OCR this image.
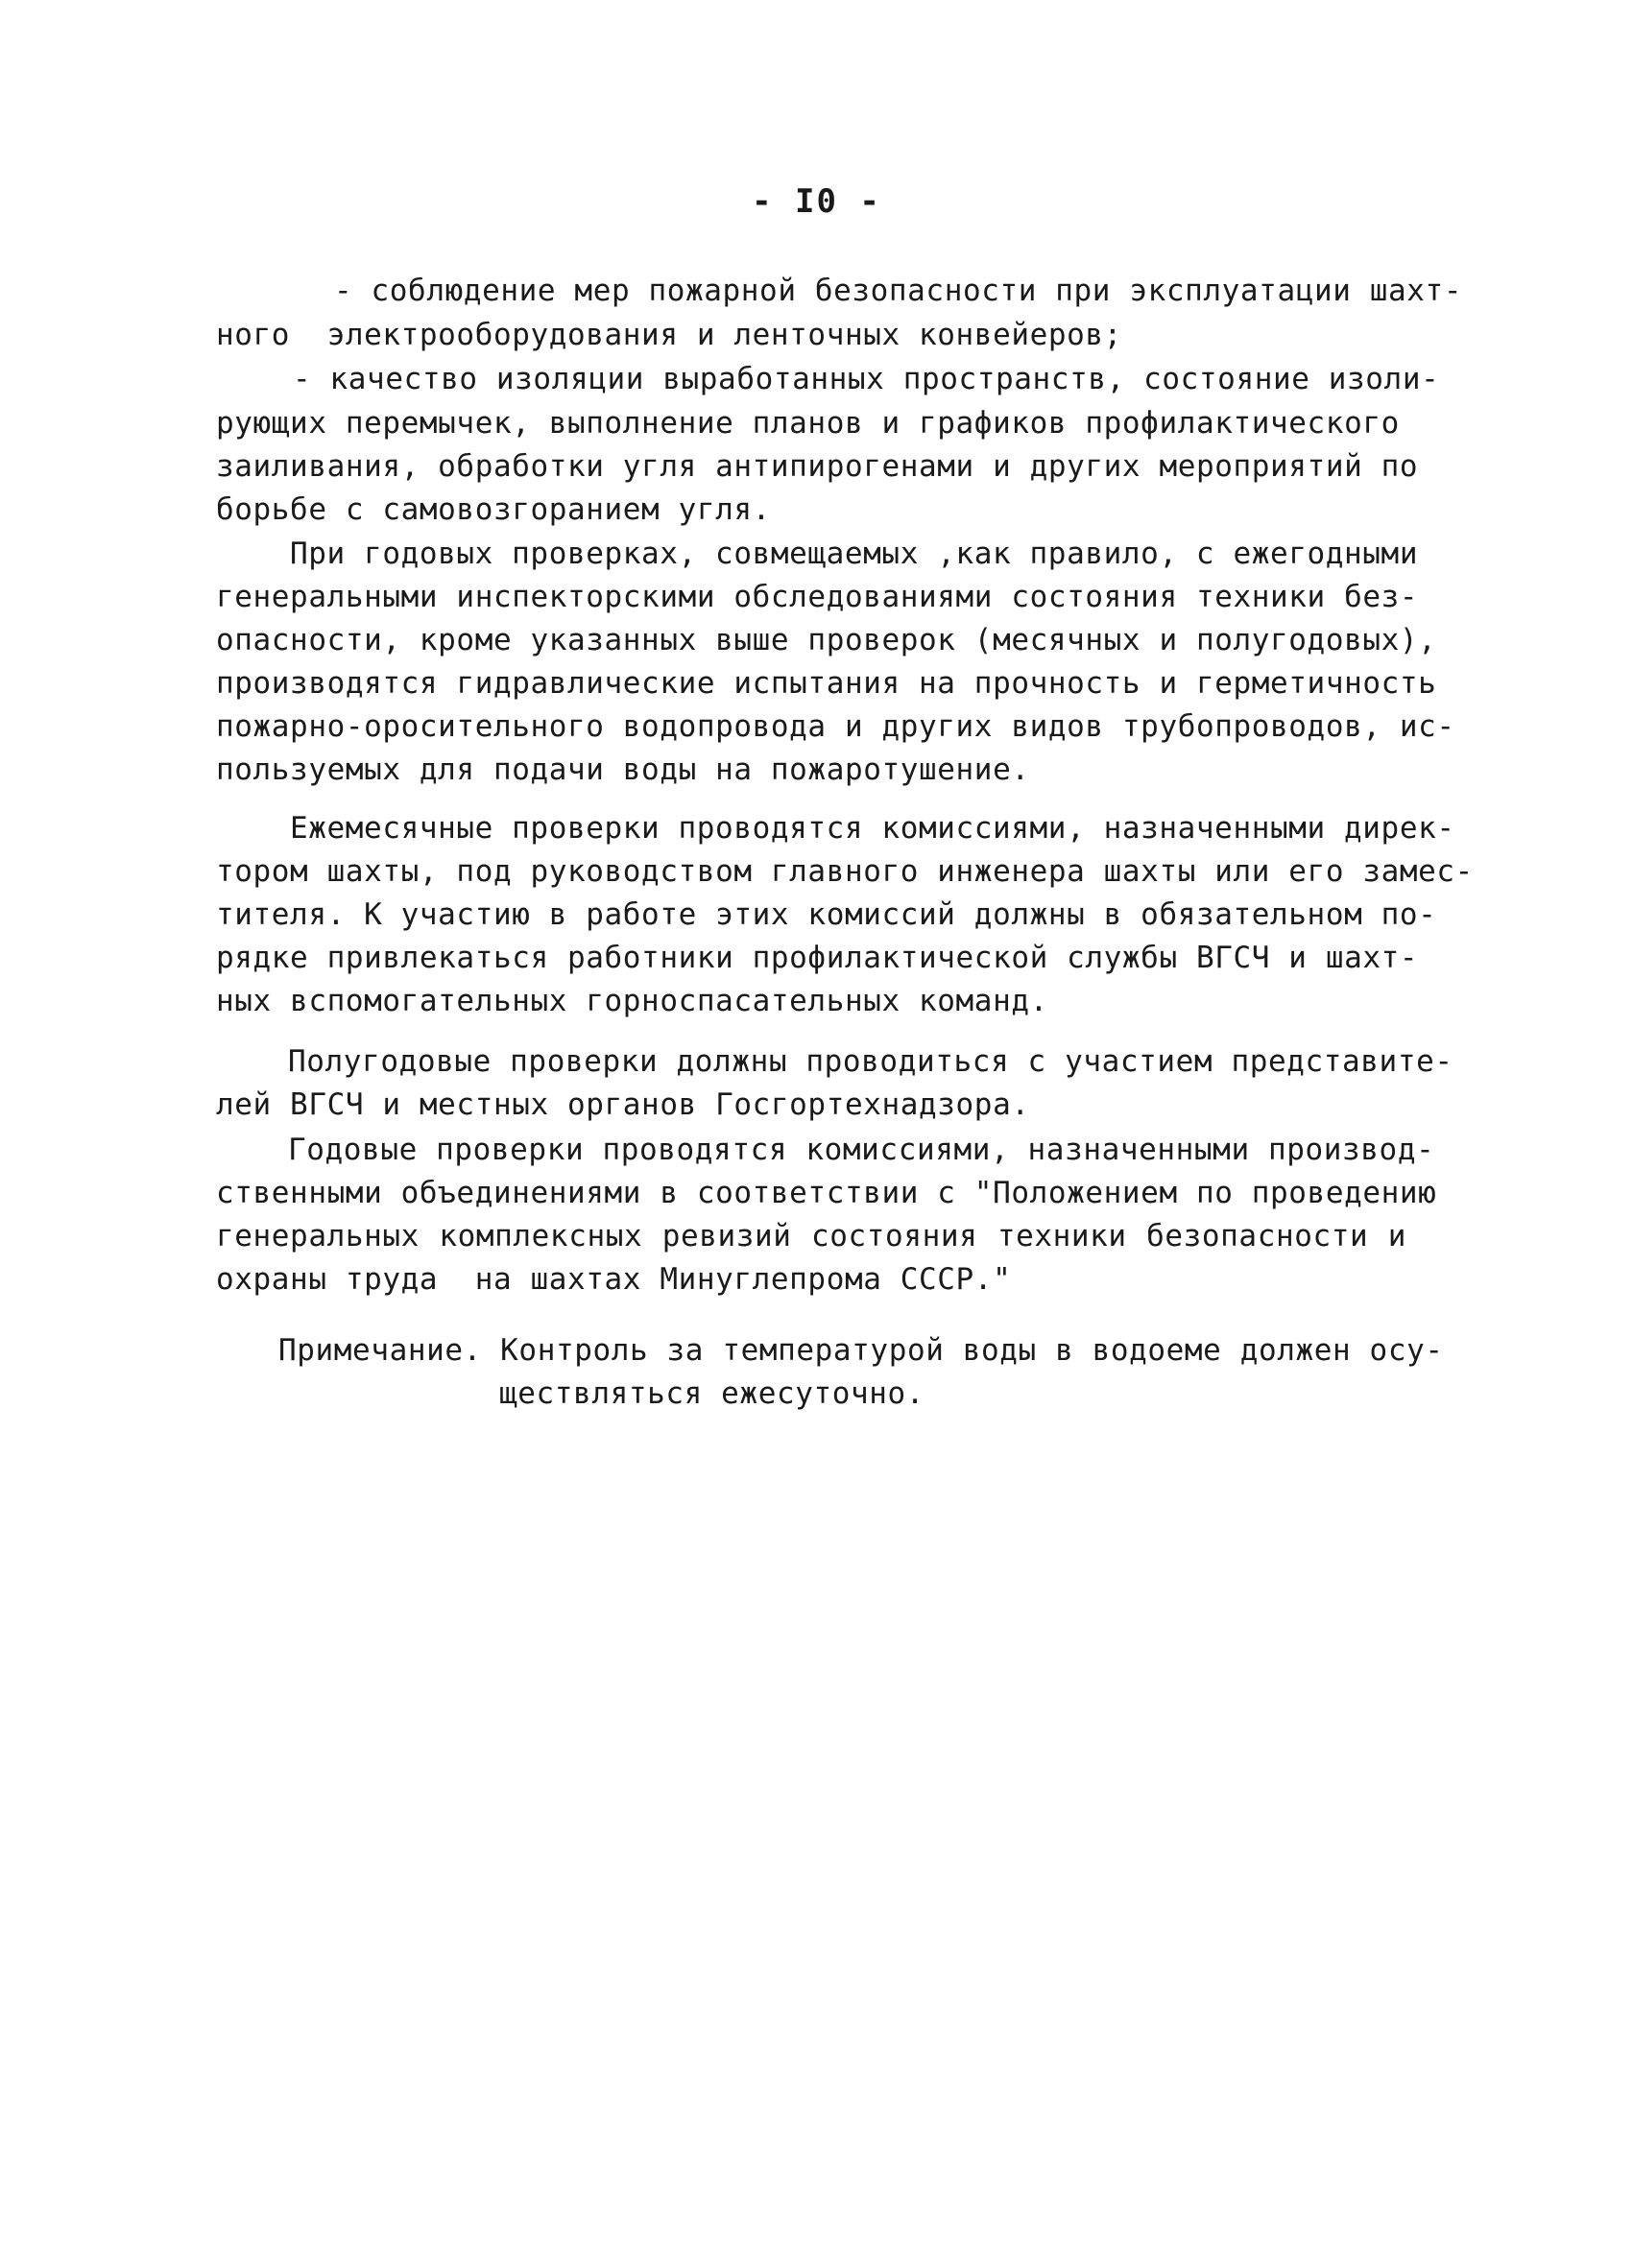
- I0 -
- соблюдение мер пожарной безопасности при эксплуатации шахт-
ного  электрооборудования и ленточных конвейеров;
- качество изоляции выработанных пространств, состояние изоли-
рующих перемычек, выполнение планов и графиков профилактического
заиливания, обработки угля антипирогенами и других мероприятий по
борьбе с самовозгоранием угля.
При годовых проверках, совмещаемых ,как правило, с ежегодными
генеральными инспекторскими обследованиями состояния техники без-
опасности, кроме указанных выше проверок (месячных и полугодовых),
производятся гидравлические испытания на прочность и герметичность
пожарно-оросительного водопровода и других видов трубопроводов, ис-
пользуемых для подачи воды на пожаротушение.
Ежемесячные проверки проводятся комиссиями, назначенными дирек-
тором шахты, под руководством главного инженера шахты или его замес-
тителя. К участию в работе этих комиссий должны в обязательном по-
рядке привлекаться работники профилактической службы ВГСЧ и шахт-
ных вспомогательных горноспасательных команд.
Полугодовые проверки должны проводиться с участием представите-
лей ВГСЧ и местных органов Госгортехнадзора.
Годовые проверки проводятся комиссиями, назначенными производ-
ственными объединениями в соответствии с "Положением по проведению
генеральных комплексных ревизий состояния техники безопасности и
охраны труда  на шахтах Минуглепрома СССР."
Примечание. Контроль за температурой воды в водоеме должен осу-
ществляться ежесуточно.
